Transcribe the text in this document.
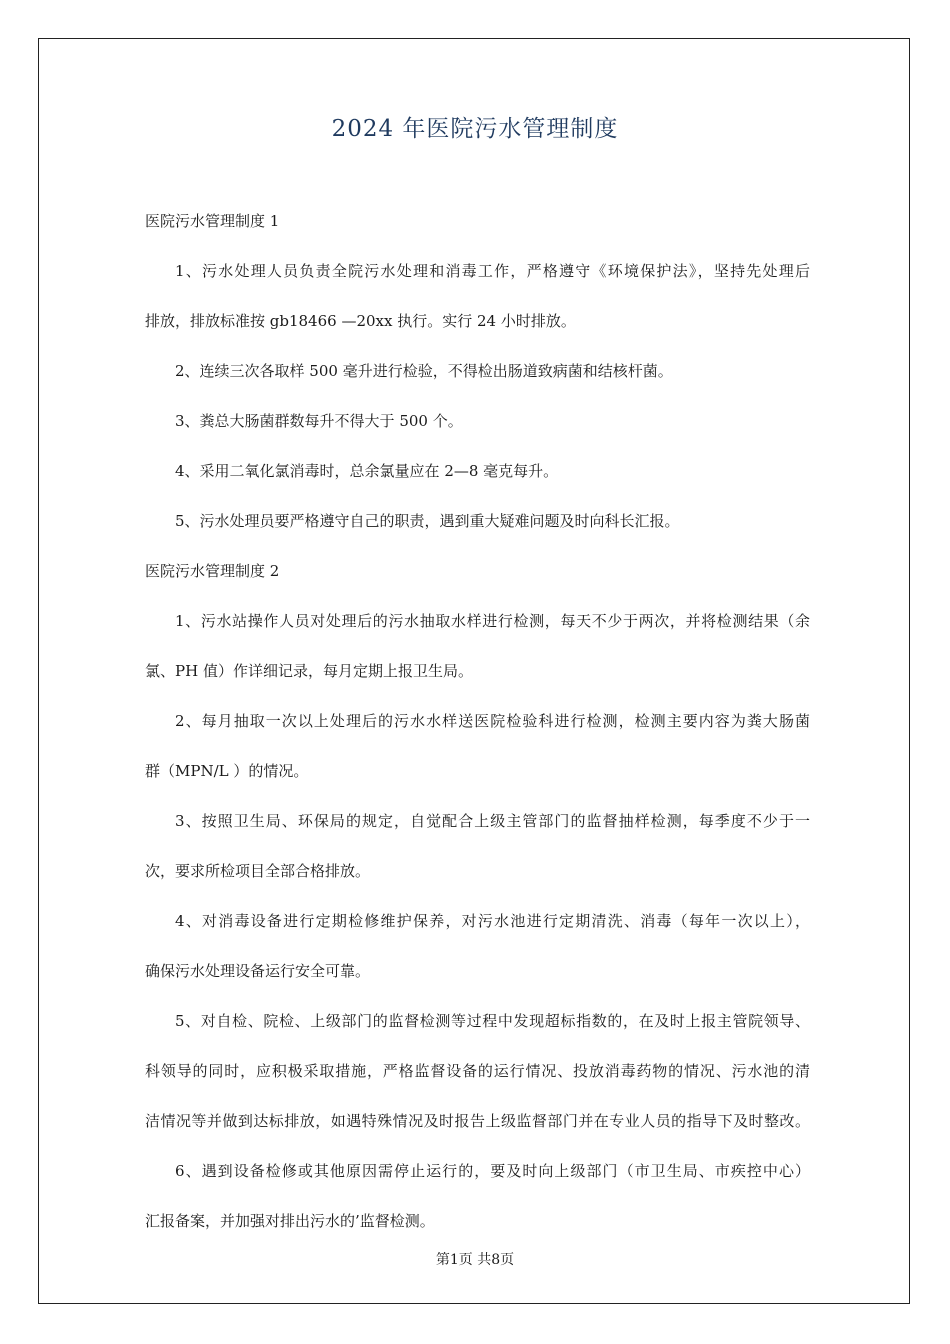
2024 年医院污水管理制度

医院污水管理制度 1

1、污水处理人员负责全院污水处理和消毒工作，严格遵守《环境保护法》，坚持先处理后

排放，排放标准按 gb18466 —20xx 执行。实行 24 小时排放。

2、连续三次各取样 500 毫升进行检验，不得检出肠道致病菌和结核杆菌。

3、粪总大肠菌群数每升不得大于 500 个。

4、采用二氧化氯消毒时，总余氯量应在 2—8 毫克每升。

5、污水处理员要严格遵守自己的职责，遇到重大疑难问题及时向科长汇报。

医院污水管理制度 2

1、污水站操作人员对处理后的污水抽取水样进行检测，每天不少于两次，并将检测结果（余

氯、PH 值）作详细记录，每月定期上报卫生局。

2、每月抽取一次以上处理后的污水水样送医院检验科进行检测，检测主要内容为粪大肠菌

群（MPN/L ）的情况。

3、按照卫生局、环保局的规定，自觉配合上级主管部门的监督抽样检测，每季度不少于一

次，要求所检项目全部合格排放。

4、对消毒设备进行定期检修维护保养，对污水池进行定期清洗、消毒（每年一次以上），

确保污水处理设备运行安全可靠。

5、对自检、院检、上级部门的监督检测等过程中发现超标指数的，在及时上报主管院领导、

科领导的同时，应积极采取措施，严格监督设备的运行情况、投放消毒药物的情况、污水池的清

洁情况等并做到达标排放，如遇特殊情况及时报告上级监督部门并在专业人员的指导下及时整改。

6、遇到设备检修或其他原因需停止运行的，要及时向上级部门（市卫生局、市疾控中心）

汇报备案，并加强对排出污水的’监督检测。

第1页 共8页
